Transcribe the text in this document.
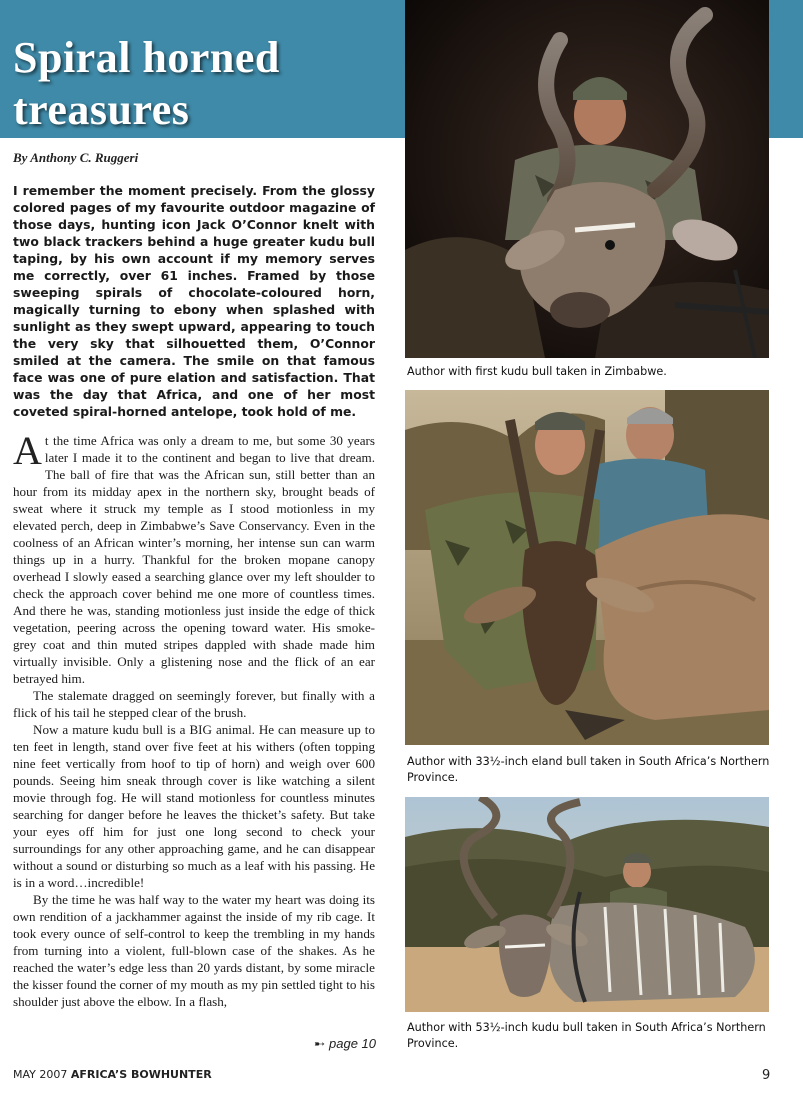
Spiral horned
treasures
By Anthony C. Ruggeri

I remember the moment precisely. From the glossy colored pages of my favourite outdoor magazine of those days, hunting icon Jack O’Connor knelt with two black trackers behind a huge greater kudu bull taping, by his own account if my memory serves me correctly, over 61 inches. Framed by those sweeping spirals of chocolate-coloured horn, magically turning to ebony when splashed with sunlight as they swept upward, appearing to touch the very sky that silhouetted them, O’Connor smiled at the camera. The smile on that famous face was one of pure elation and satisfaction. That was the day that Africa, and one of her most coveted spiral-horned antelope, took hold of me.

At the time Africa was only a dream to me, but some 30 years later I made it to the continent and began to live that dream. The ball of fire that was the African sun, still better than an hour from its midday apex in the northern sky, brought beads of sweat where it struck my temple as I stood motionless in my elevated perch, deep in Zimbabwe’s Save Conservancy. Even in the coolness of an African winter’s morning, her intense sun can warm things up in a hurry. Thankful for the broken mopane canopy overhead I slowly eased a searching glance over my left shoulder to check the approach cover behind me one more of countless times. And there he was, standing motionless just inside the edge of thick vegetation, peering across the opening toward water. His smoke-grey coat and thin muted stripes dappled with shade made him virtually invisible. Only a glistening nose and the flick of an ear betrayed him.

The stalemate dragged on seemingly forever, but finally with a flick of his tail he stepped clear of the brush.

Now a mature kudu bull is a BIG animal. He can measure up to ten feet in length, stand over five feet at his withers (often topping nine feet vertically from hoof to tip of horn) and weigh over 600 pounds. Seeing him sneak through cover is like watching a silent movie through fog. He will stand motionless for countless minutes searching for danger before he leaves the thicket’s safety. But take your eyes off him for just one long second to check your surroundings for any other approaching game, and he can disappear without a sound or disturbing so much as a leaf with his passing. He is in a word…incredible!

By the time he was half way to the water my heart was doing its own rendition of a jackhammer against the inside of my rib cage. It took every ounce of self-control to keep the trembling in my hands from turning into a violent, full-blown case of the shakes. As he reached the water’s edge less than 20 yards distant, by some miracle the kisser found the corner of my mouth as my pin settled tight to his shoulder just above the elbow. In a flash,

➸ page 10
Author with first kudu bull taken in Zimbabwe.
Author with 33½-inch eland bull taken in South Africa’s Northern Province.
Author with 53½-inch kudu bull taken in South Africa’s Northern Province.
MAY 2007 AFRICA’S BOWHUNTER	9
